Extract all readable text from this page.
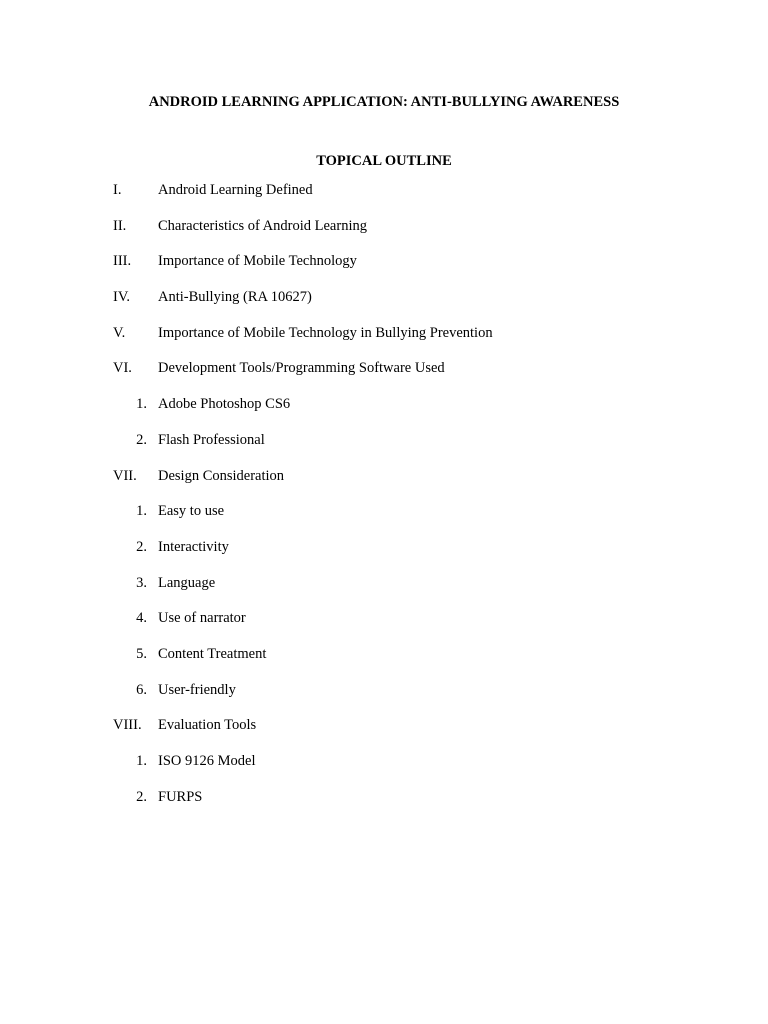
ANDROID LEARNING APPLICATION: ANTI-BULLYING AWARENESS
TOPICAL OUTLINE
I.	Android Learning Defined
II. Characteristics of Android Learning
III. Importance of Mobile Technology
IV. Anti-Bullying (RA 10627)
V. Importance of Mobile Technology in Bullying Prevention
VI. Development Tools/Programming Software Used
1. Adobe Photoshop CS6
2. Flash Professional
VII. Design Consideration
1. Easy to use
2. Interactivity
3. Language
4. Use of narrator
5. Content Treatment
6. User-friendly
VIII. Evaluation Tools
1. ISO 9126 Model
2. FURPS
